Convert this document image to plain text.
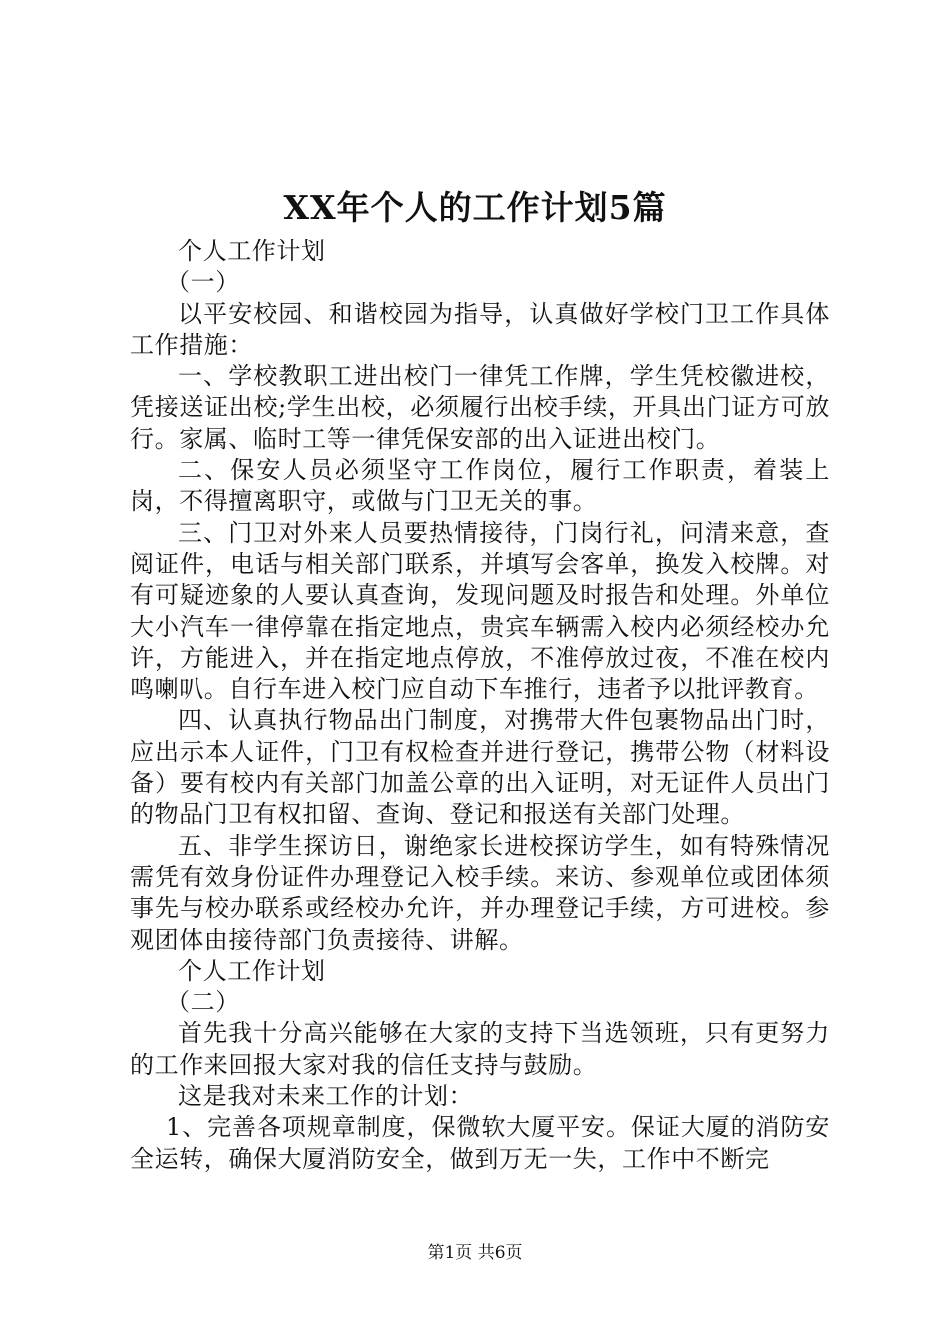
XX年个人的工作计划5篇

个人工作计划

（一）

以平安校园、和谐校园为指导，认真做好学校门卫工作具体工作措施：

一、学校教职工进出校门一律凭工作牌，学生凭校徽进校，凭接送证出校;学生出校，必须履行出校手续，开具出门证方可放行。家属、临时工等一律凭保安部的出入证进出校门。

二、保安人员必须坚守工作岗位，履行工作职责，着装上岗，不得擅离职守，或做与门卫无关的事。

三、门卫对外来人员要热情接待，门岗行礼，问清来意，查阅证件，电话与相关部门联系，并填写会客单，换发入校牌。对有可疑迹象的人要认真查询，发现问题及时报告和处理。外单位大小汽车一律停靠在指定地点，贵宾车辆需入校内必须经校办允许，方能进入，并在指定地点停放，不准停放过夜，不准在校内鸣喇叭。自行车进入校门应自动下车推行，违者予以批评教育。

四、认真执行物品出门制度，对携带大件包裹物品出门时，应出示本人证件，门卫有权检查并进行登记，携带公物（材料设备）要有校内有关部门加盖公章的出入证明，对无证件人员出门的物品门卫有权扣留、查询、登记和报送有关部门处理。

五、非学生探访日，谢绝家长进校探访学生，如有特殊情况需凭有效身份证件办理登记入校手续。来访、参观单位或团体须事先与校办联系或经校办允许，并办理登记手续，方可进校。参观团体由接待部门负责接待、讲解。

个人工作计划

（二）

首先我十分高兴能够在大家的支持下当选领班，只有更努力的工作来回报大家对我的信任支持与鼓励。

这是我对未来工作的计划：

1、完善各项规章制度，保微软大厦平安。保证大厦的消防安全运转，确保大厦消防安全，做到万无一失，工作中不断完

第1页 共6页
